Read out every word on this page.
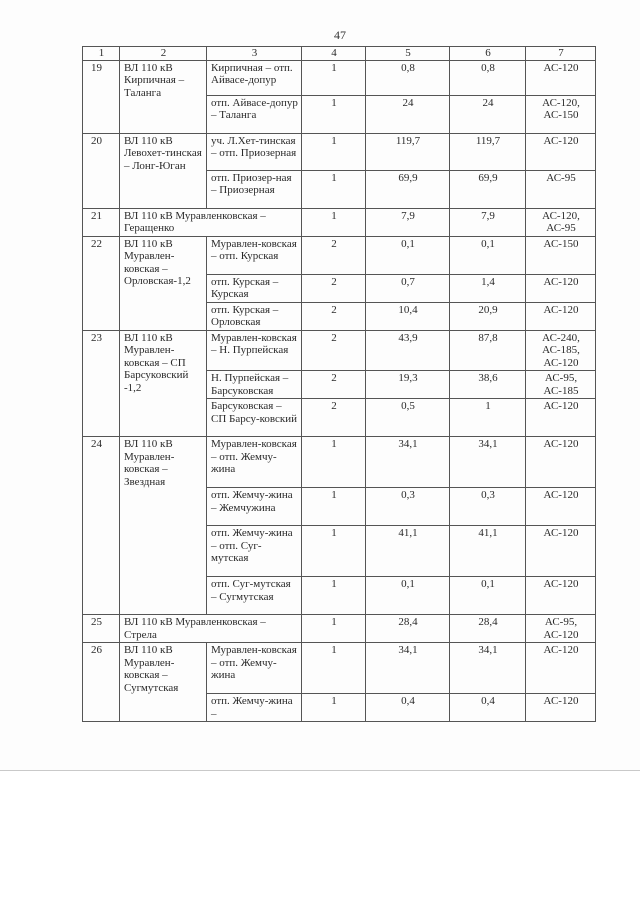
47
1	2	3	4	5	6	7
19	ВЛ 110 кВ Кирпичная – Таланга	Кирпичная – отп. Айвасе-допур	1	0,8	0,8	АС-120
		отп. Айвасе-допур – Таланга	1	24	24	АС-120, АС-150
20	ВЛ 110 кВ Левохет-тинская – Лонг-Юган	уч. Л.Хет-тинская – отп. Приозерная	1	119,7	119,7	АС-120
		отп. Приозер-ная – Приозерная	1	69,9	69,9	АС-95
21	ВЛ 110 кВ Муравленковская – Геращенко		1	7,9	7,9	АС-120, АС-95
22	ВЛ 110 кВ Муравлен-ковская – Орловская-1,2	Муравлен-ковская – отп. Курская	2	0,1	0,1	АС-150
		отп. Курская – Курская	2	0,7	1,4	АС-120
		отп. Курская – Орловская	2	10,4	20,9	АС-120
23	ВЛ 110 кВ Муравлен-ковская – СП Барсуковский -1,2	Муравлен-ковская – Н. Пурпейская	2	43,9	87,8	АС-240, АС-185, АС-120
		Н. Пурпейская – Барсуковская	2	19,3	38,6	АС-95, АС-185
		Барсуковская – СП Барсу-ковский	2	0,5	1	АС-120
24	ВЛ 110 кВ Муравлен-ковская – Звездная	Муравлен-ковская – отп. Жемчу-жина	1	34,1	34,1	АС-120
		отп. Жемчу-жина – Жемчужина	1	0,3	0,3	АС-120
		отп. Жемчу-жина – отп. Суг-мутская	1	41,1	41,1	АС-120
		отп. Суг-мутская – Сугмутская	1	0,1	0,1	АС-120
25	ВЛ 110 кВ Муравленковская – Стрела		1	28,4	28,4	АС-95, АС-120
26	ВЛ 110 кВ Муравлен-ковская – Сугмутская	Муравлен-ковская – отп. Жемчу-жина	1	34,1	34,1	АС-120
		отп. Жемчу-жина –	1	0,4	0,4	АС-120
